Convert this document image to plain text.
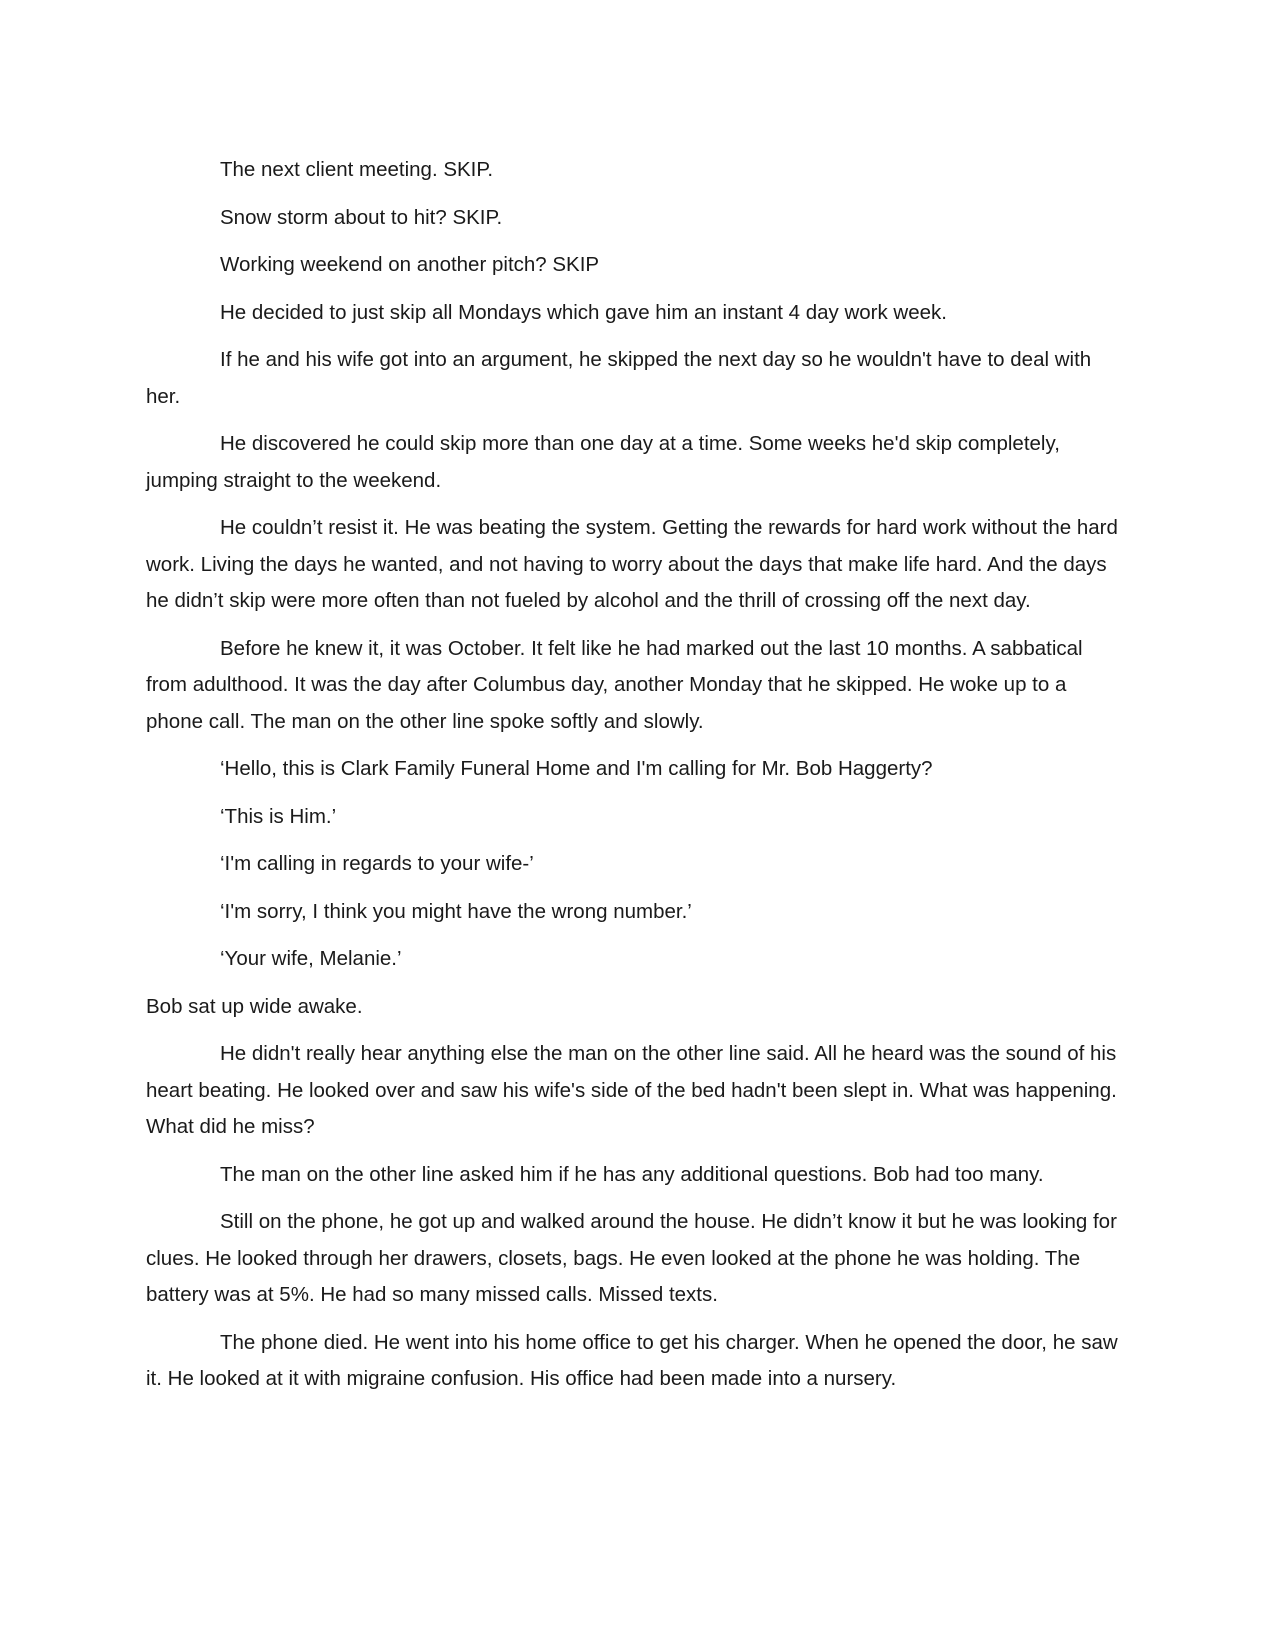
The next client meeting. SKIP.

Snow storm about to hit? SKIP.

Working weekend on another pitch? SKIP

He decided to just skip all Mondays which gave him an instant 4 day work week.

If he and his wife got into an argument, he skipped the next day so he wouldn't have to deal with her.

He discovered he could skip more than one day at a time. Some weeks he'd skip completely, jumping straight to the weekend.

He couldn’t resist it. He was beating the system. Getting the rewards for hard work without the hard work. Living the days he wanted, and not having to worry about the days that make life hard. And the days he didn’t skip were more often than not fueled by alcohol and the thrill of crossing off the next day.

Before he knew it, it was October. It felt like he had marked out the last 10 months. A sabbatical from adulthood. It was the day after Columbus day, another Monday that he skipped. He woke up to a phone call. The man on the other line spoke softly and slowly.

‘Hello, this is Clark Family Funeral Home and I'm calling for Mr. Bob Haggerty?

‘This is Him.’

‘I'm calling in regards to your wife-’

‘I'm sorry, I think you might have the wrong number.’

‘Your wife, Melanie.’

Bob sat up wide awake.

He didn't really hear anything else the man on the other line said. All he heard was the sound of his heart beating. He looked over and saw his wife's side of the bed hadn't been slept in. What was happening. What did he miss?

The man on the other line asked him if he has any additional questions. Bob had too many.

Still on the phone, he got up and walked around the house. He didn’t know it but he was looking for clues. He looked through her drawers, closets, bags. He even looked at the phone he was holding. The battery was at 5%. He had so many missed calls. Missed texts.

The phone died. He went into his home office to get his charger. When he opened the door, he saw it. He looked at it with migraine confusion. His office had been made into a nursery.
